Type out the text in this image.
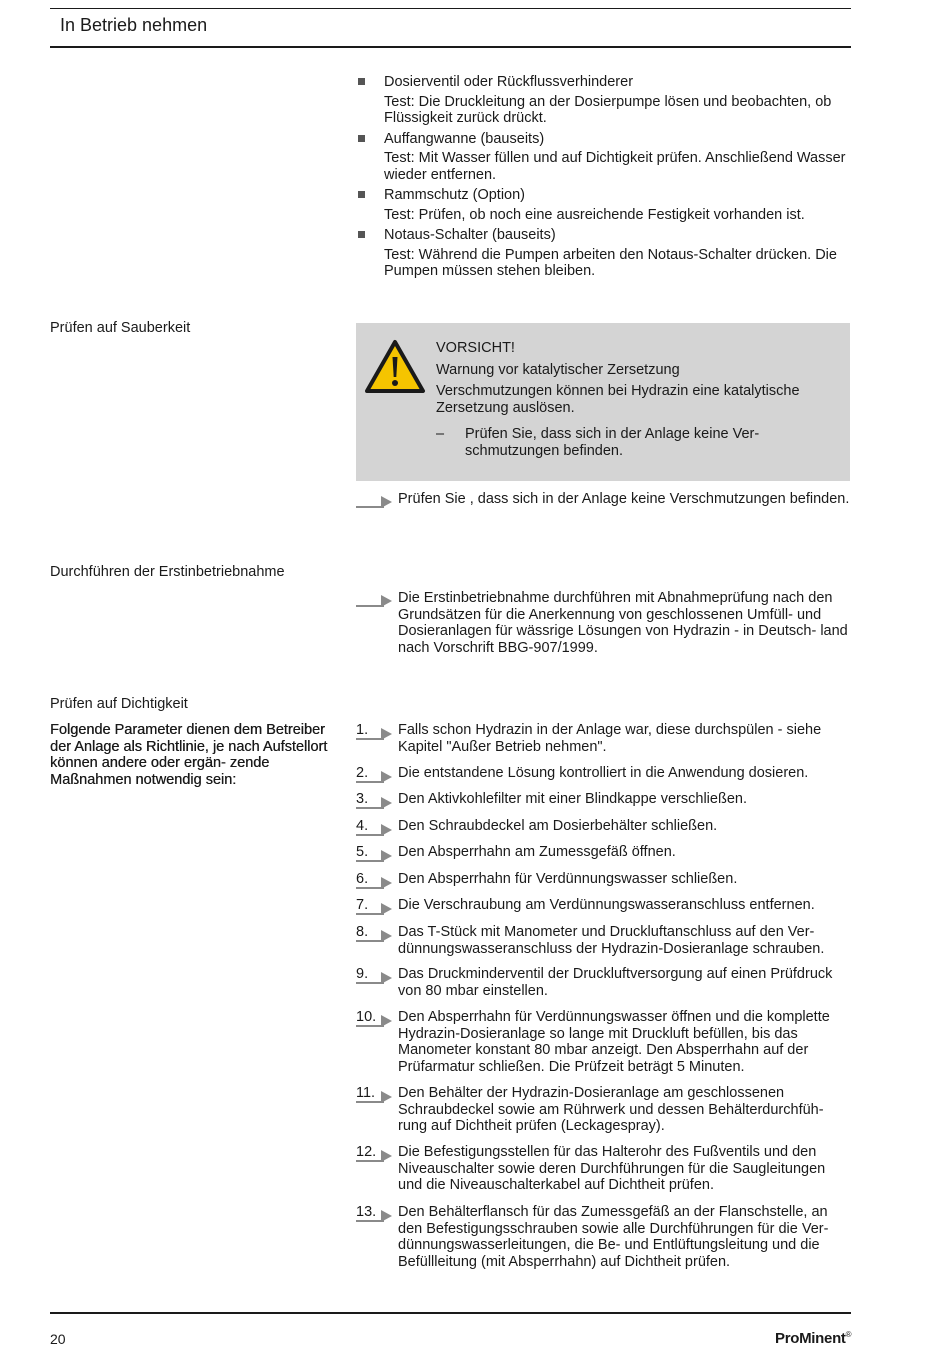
In Betrieb nehmen
Dosierventil oder Rückflussverhinderer
Test: Die Druckleitung an der Dosierpumpe lösen und beobachten, ob Flüssigkeit zurück drückt.
Auffangwanne (bauseits)
Test: Mit Wasser füllen und auf Dichtigkeit prüfen. Anschließend Wasser wieder entfernen.
Rammschutz (Option)
Test: Prüfen, ob noch eine ausreichende Festigkeit vorhanden ist.
Notaus-Schalter (bauseits)
Test: Während die Pumpen arbeiten den Notaus-Schalter drücken. Die Pumpen müssen stehen bleiben.
Prüfen auf Sauberkeit
VORSICHT!
Warnung vor katalytischer Zersetzung
Verschmutzungen können bei Hydrazin eine katalytische Zersetzung auslösen.
– Prüfen Sie, dass sich in der Anlage keine Ver- schmutzungen befinden.
Prüfen Sie , dass sich in der Anlage keine Verschmutzungen befinden.
Durchführen der Erstinbetriebnahme
Die Erstinbetriebnahme durchführen mit Abnahmeprüfung nach den Grundsätzen für die Anerkennung von geschlossenen Umfüll- und Dosieranlagen für wässrige Lösungen von Hydrazin - in Deutsch- land nach Vorschrift BBG-907/1999.
Prüfen auf Dichtigkeit
Folgende Parameter dienen dem Betreiber der Anlage als Richtlinie, je nach Aufstellort können andere oder ergän- zende Maßnahmen notwendig sein:
1.	Falls schon Hydrazin in der Anlage war, diese durchspülen - siehe Kapitel "Außer Betrieb nehmen".
2.	Die entstandene Lösung kontrolliert in die Anwendung dosieren.
3.	Den Aktivkohlefilter mit einer Blindkappe verschließen.
4.	Den Schraubdeckel am Dosierbehälter schließen.
5.	Den Absperrhahn am Zumessgefäß öffnen.
6.	Den Absperrhahn für Verdünnungswasser schließen.
7.	Die Verschraubung am Verdünnungswasseranschluss entfernen.
8.	Das T-Stück mit Manometer und Druckluftanschluss auf den Ver- dünnungswasseranschluss der Hydrazin-Dosieranlage schrauben.
9.	Das Druckminderventil der Druckluftversorgung auf einen Prüfdruck von 80 mbar einstellen.
10.	Den Absperrhahn für Verdünnungswasser öffnen und die komplette Hydrazin-Dosieranlage so lange mit Druckluft befüllen, bis das Manometer konstant 80 mbar anzeigt. Den Absperrhahn auf der Prüfarmatur schließen. Die Prüfzeit beträgt 5 Minuten.
11.	Den Behälter der Hydrazin-Dosieranlage am geschlossenen Schraubdeckel sowie am Rührwerk und dessen Behälterdurchfüh- rung auf Dichtheit prüfen (Leckagespray).
12.	Die Befestigungsstellen für das Halterohr des Fußventils und den Niveauschalter sowie deren Durchführungen für die Saugleitungen und die Niveauschalterkabel auf Dichtheit prüfen.
13.	Den Behälterflansch für das Zumessgefäß an der Flanschstelle, an den Befestigungsschrauben sowie alle Durchführungen für die Ver- dünnungswasserleitungen, die Be- und Entlüftungsleitung und die Befüllleitung (mit Absperrhahn) auf Dichtheit prüfen.
20	ProMinent®
